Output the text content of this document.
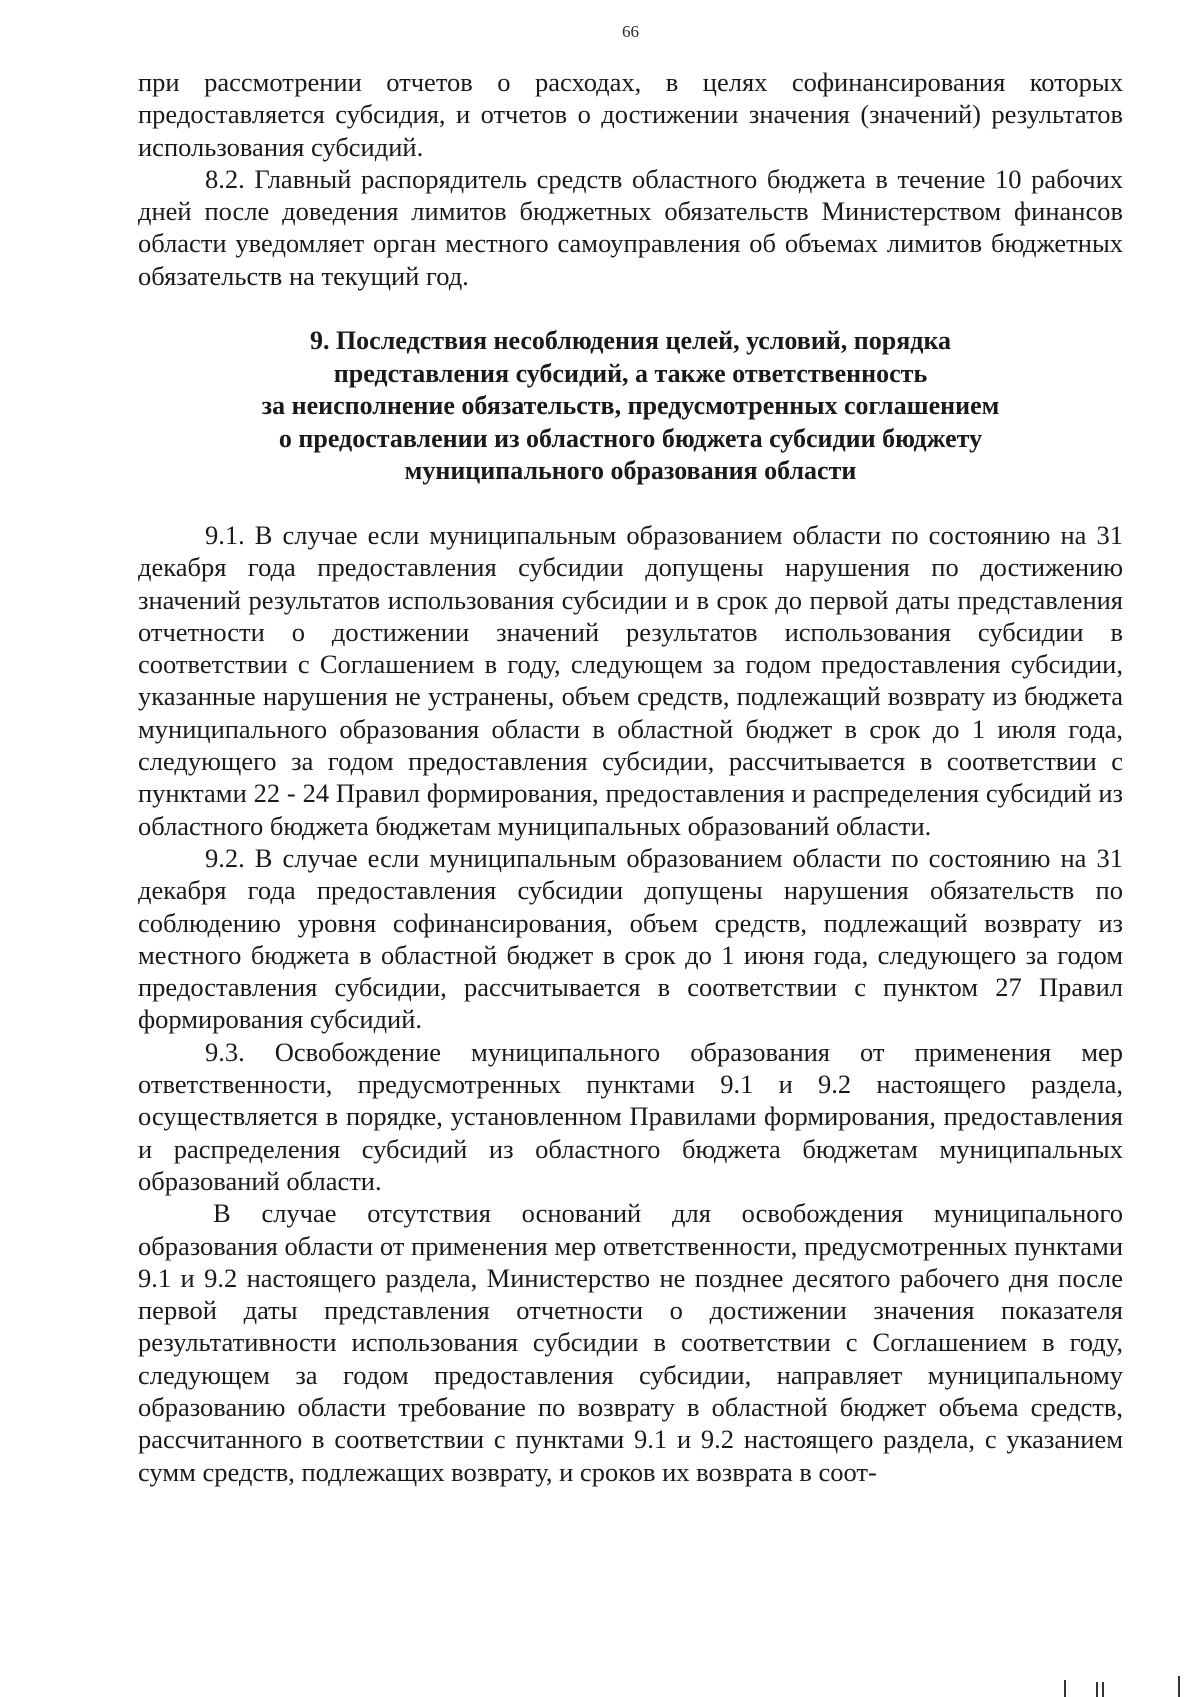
66

при рассмотрении отчетов о расходах, в целях софинансирования которых предоставляется субсидия, и отчетов о достижении значения (значений) результатов использования субсидий.

8.2. Главный распорядитель средств областного бюджета в течение 10 рабочих дней после доведения лимитов бюджетных обязательств Министерством финансов области уведомляет орган местного самоуправления об объемах лимитов бюджетных обязательств на текущий год.

9. Последствия несоблюдения целей, условий, порядка
представления субсидий, а также ответственность
за неисполнение обязательств, предусмотренных соглашением
о предоставлении из областного бюджета субсидии бюджету
муниципального образования области

9.1. В случае если муниципальным образованием области по состоянию на 31 декабря года предоставления субсидии допущены нарушения по достижению значений результатов использования субсидии и в срок до первой даты представления отчетности о достижении значений результатов использования субсидии в соответствии с Соглашением в году, следующем за годом предоставления субсидии, указанные нарушения не устранены, объем средств, подлежащий возврату из бюджета муниципального образования области в областной бюджет в срок до 1 июля года, следующего за годом предоставления субсидии, рассчитывается в соответствии с пунктами 22 - 24 Правил формирования, предоставления и распределения субсидий из областного бюджета бюджетам муниципальных образований области.

9.2. В случае если муниципальным образованием области по состоянию на 31 декабря года предоставления субсидии допущены нарушения обязательств по соблюдению уровня софинансирования, объем средств, подлежащий возврату из местного бюджета в областной бюджет в срок до 1 июня года, следующего за годом предоставления субсидии, рассчитывается в соответствии с пунктом 27 Правил формирования субсидий.

9.3. Освобождение муниципального образования от применения мер ответственности, предусмотренных пунктами 9.1 и 9.2 настоящего раздела, осуществляется в порядке, установленном Правилами формирования, предоставления и распределения субсидий из областного бюджета бюджетам муниципальных образований области.

В случае отсутствия оснований для освобождения муниципального образования области от применения мер ответственности, предусмотренных пунктами 9.1 и 9.2 настоящего раздела, Министерство не позднее десятого рабочего дня после первой даты представления отчетности о достижении значения показателя результативности использования субсидии в соответствии с Соглашением в году, следующем за годом предоставления субсидии, направляет муниципальному образованию области требование по возврату в областной бюджет объема средств, рассчитанного в соответствии с пунктами 9.1 и 9.2 настоящего раздела, с указанием сумм средств, подлежащих возврату, и сроков их возврата в соот-
